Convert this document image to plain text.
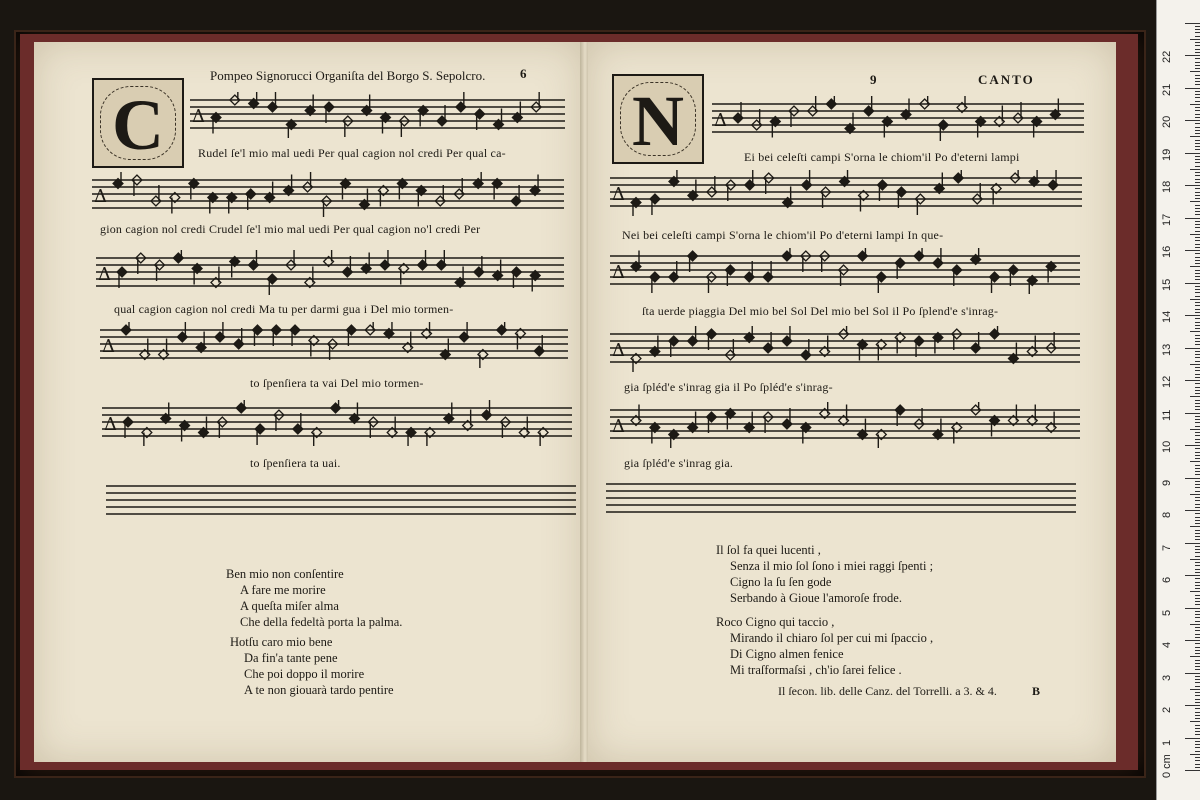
Pompeo Signorucci Organiſta del Borgo S. Sepolcro.	6
C	Δ
Rudel ſe'l mio mal uedi Per qual cagion nol credi Per qual ca-
Δ
gion cagion nol credi Crudel ſe'l mio mal uedi Per qual cagion no'l credi Per
Δ
qual cagion cagion nol credi Ma tu per darmi gua i Del mio tormen-
Δ
to ſpenſiera ta vai Del mio tormen-
Δ
to ſpenſiera ta uai.
Ben mio non conſentire
A fare me morire
A queſta miſer alma
Che della fedeltà porta la palma.
Hotſu caro mio bene
Da fin'a tante pene
Che poi doppo il morire
A te non giouarà tardo pentire
9	CANTO
N	Δ
Ei bei celeſti campi S'orna le chiom'il Po d'eterni lampi
Δ
Nei bei celeſti campi S'orna le chiom'il Po d'eterni lampi In que-
Δ
ſta uerde piaggia Del mio bel Sol Del mio bel Sol il Po ſplend'e s'inrag-
Δ
gia ſpléd'e s'inrag gia il Po ſpléd'e s'inrag-
Δ
gia ſpléd'e s'inrag gia.
Il ſol fa quei lucenti ,
Senza il mio ſol ſono i miei raggi ſpenti ;
Cigno la ſu ſen gode
Serbando à Gioue l'amoroſe frode.
Roco Cigno qui taccio ,
Mirando il chiaro ſol per cui mi ſpaccio ,
Di Cigno almen fenice
Mi traſformaſsi , ch'io ſarei felice .
Il ſecon. lib. delle Canz. del Torrelli. a 3. & 4.	B
22
21
20
19
18
17
16
15
14
13
12
11
10
9
8
7
6
5
4
3
2
1
0 cm
